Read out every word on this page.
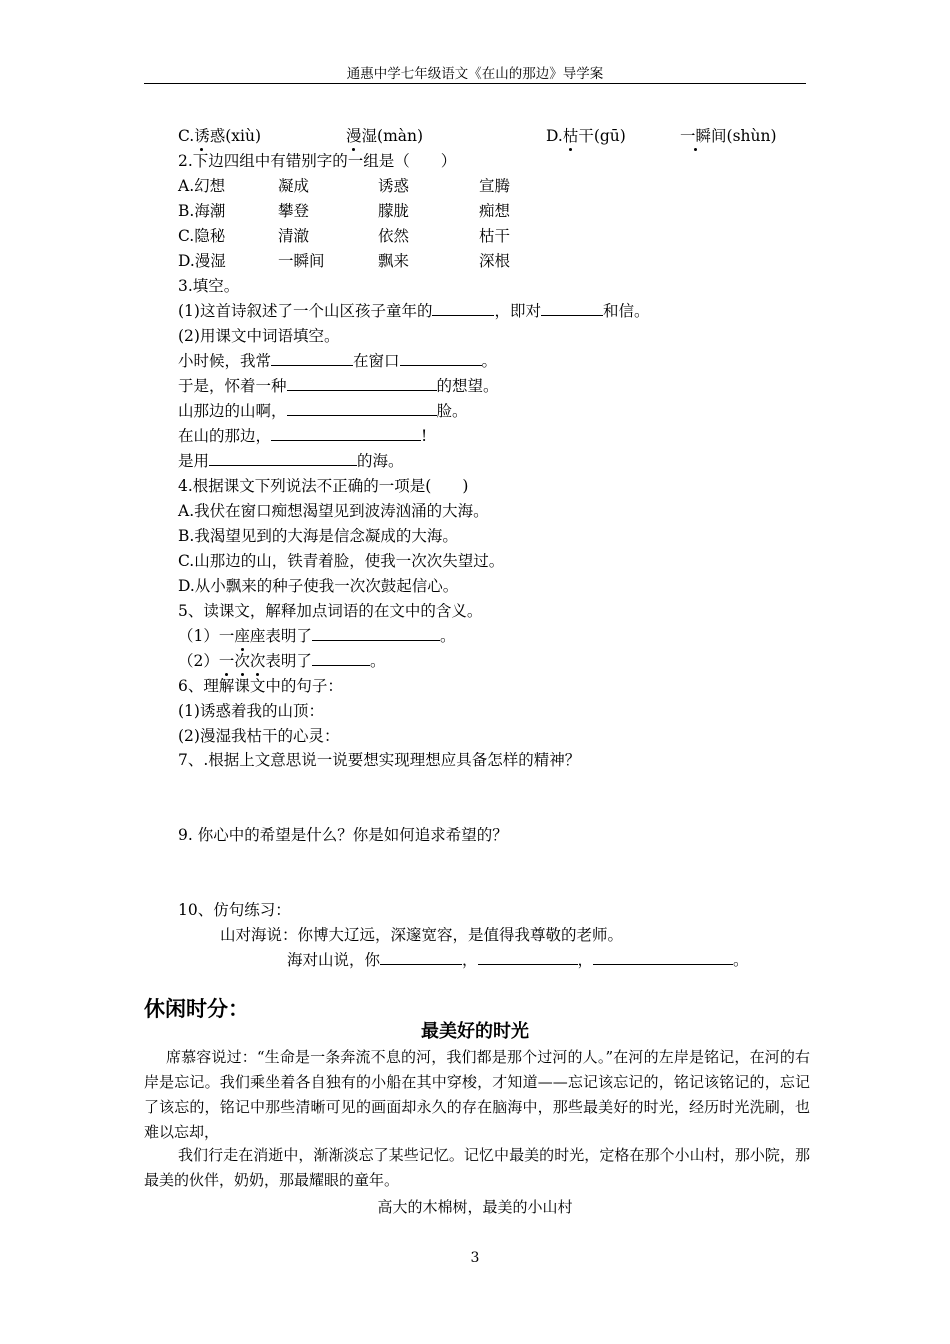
通惠中学七年级语文《在山的那边》导学案
C.诱惑(xiù)	漫湿(màn)	D.枯干(gū)	一瞬间(shùn)
2.下边四组中有错别字的一组是（　　）
A.幻想	凝成	诱惑	宣腾
B.海潮	攀登	朦胧	痴想
C.隐秘	清澈	依然	枯干
D.漫湿	一瞬间	飘来	深根
3.填空。
(1)这首诗叙述了一个山区孩子童年的	，即对	和信。
(2)用课文中词语填空。
小时候，我常	在窗口	。
于是，怀着一种	的想望。
山那边的山啊，	脸。
在山的那边，	!
是用	的海。
4.根据课文下列说法不正确的一项是(　　)
A.我伏在窗口痴想渴望见到波涛汹涌的大海。
B.我渴望见到的大海是信念凝成的大海。
C.山那边的山，铁青着脸，使我一次次失望过。
D.从小飘来的种子使我一次次鼓起信心。
5、读课文，解释加点词语的在文中的含义。
（1）一座座表明了	。
（2）一次次表明了	。
6、理解课文中的句子：
(1)诱惑着我的山顶：
(2)漫湿我枯干的心灵：
7、.根据上文意思说一说要想实现理想应具备怎样的精神？
9. 你心中的希望是什么？你是如何追求希望的？
10、仿句练习：
山对海说：你博大辽远，深邃宽容，是值得我尊敬的老师。
海对山说，你	，	，	。
休闲时分：
最美好的时光
席慕容说过：“生命是一条奔流不息的河，我们都是那个过河的人。”在河的左岸是铭记，在河的右岸是忘记。我们乘坐着各自独有的小船在其中穿梭，才知道——忘记该忘记的，铭记该铭记的，忘记了该忘的，铭记中那些清晰可见的画面却永久的存在脑海中，那些最美好的时光，经历时光洗刷，也难以忘却，
我们行走在消逝中，渐渐淡忘了某些记忆。记忆中最美的时光，定格在那个小山村，那小院，那最美的伙伴，奶奶，那最耀眼的童年。
高大的木棉树，最美的小山村
3
